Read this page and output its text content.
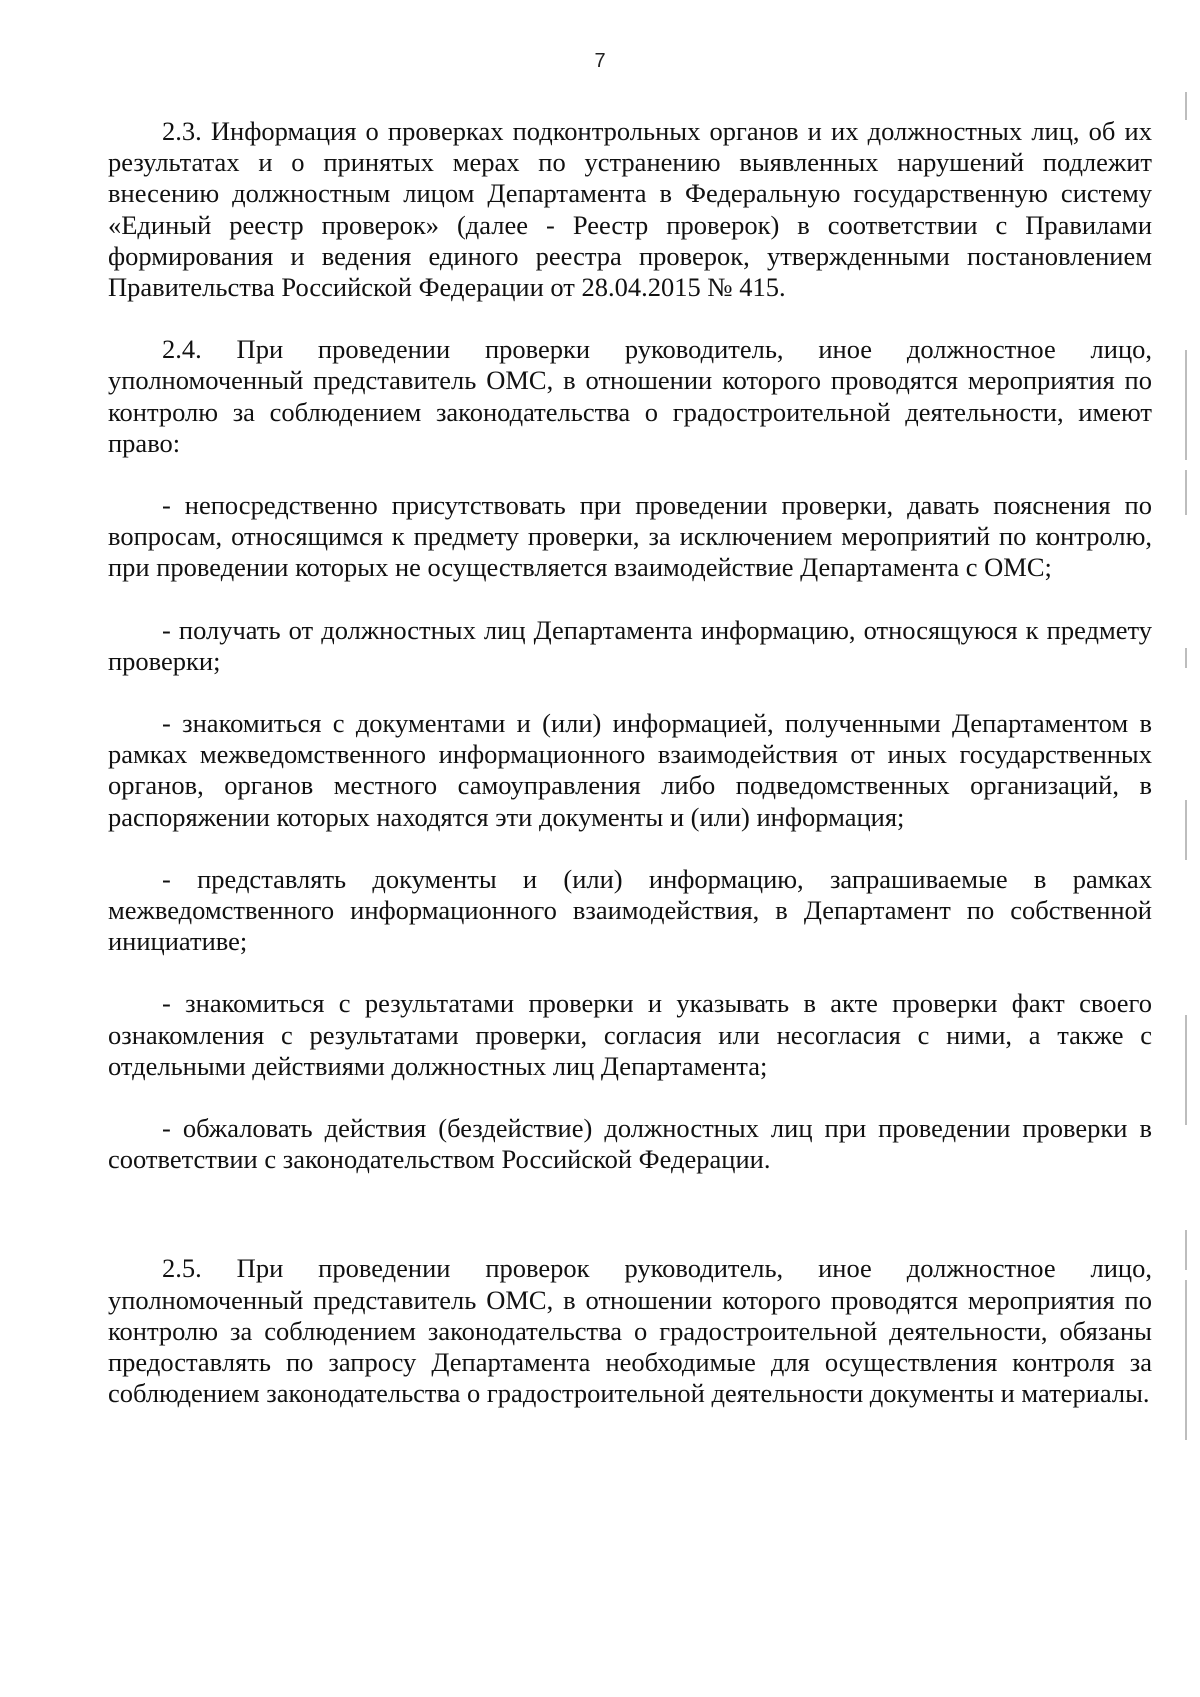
7

2.3. Информация о проверках подконтрольных органов и их должностных лиц, об их результатах и о принятых мерах по устранению выявленных нарушений подлежит внесению должностным лицом Департамента в Федеральную государственную систему «Единый реестр проверок» (далее - Реестр проверок) в соответствии с Правилами формирования и ведения единого реестра проверок, утвержденными постановлением Правительства Российской Федерации от 28.04.2015 № 415.

2.4. При проведении проверки руководитель, иное должностное лицо, уполномоченный представитель ОМС, в отношении которого проводятся мероприятия по контролю за соблюдением законодательства о градостроительной деятельности, имеют право:

- непосредственно присутствовать при проведении проверки, давать пояснения по вопросам, относящимся к предмету проверки, за исключением мероприятий по контролю, при проведении которых не осуществляется взаимодействие Департамента с ОМС;

- получать от должностных лиц Департамента информацию, относящуюся к предмету проверки;

- знакомиться с документами и (или) информацией, полученными Департаментом в рамках межведомственного информационного взаимодействия от иных государственных органов, органов местного самоуправления либо подведомственных организаций, в распоряжении которых находятся эти документы и (или) информация;

- представлять документы и (или) информацию, запрашиваемые в рамках межведомственного информационного взаимодействия, в Департамент по собственной инициативе;

- знакомиться с результатами проверки и указывать в акте проверки факт своего ознакомления с результатами проверки, согласия или несогласия с ними, а также с отдельными действиями должностных лиц Департамента;

- обжаловать действия (бездействие) должностных лиц при проведении проверки в соответствии с законодательством Российской Федерации.

2.5. При проведении проверок руководитель, иное должностное лицо, уполномоченный представитель ОМС, в отношении которого проводятся мероприятия по контролю за соблюдением законодательства о градостроительной деятельности, обязаны предоставлять по запросу Департамента необходимые для осуществления контроля за соблюдением законодательства о градостроительной деятельности документы и материалы.
